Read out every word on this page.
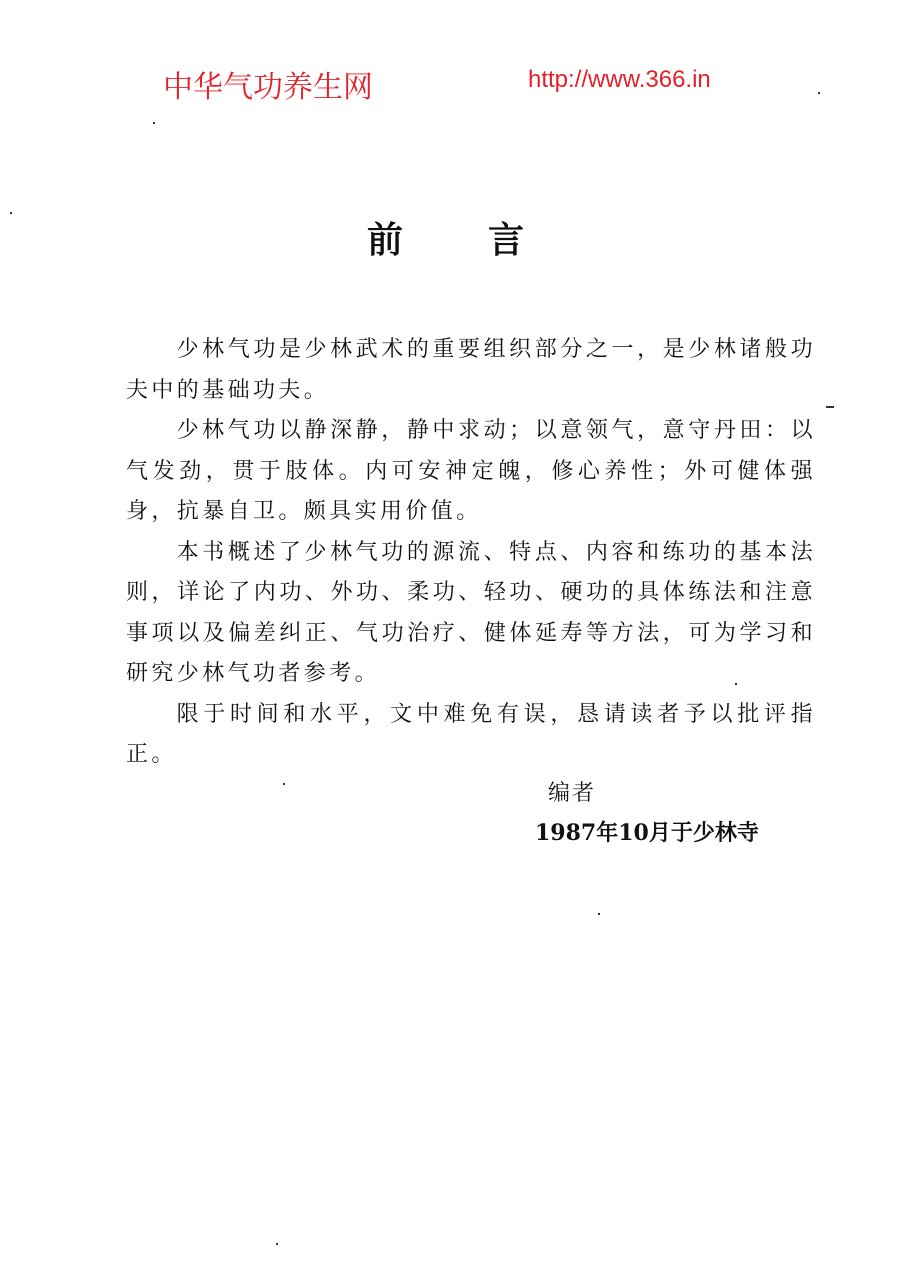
中华气功养生网	http://www.366.in
前 言

少林气功是少林武术的重要组织部分之一，是少林诸般功夫中的基础功夫。

少林气功以静深静，静中求动；以意领气，意守丹田：以气发劲，贯于肢体。内可安神定魄，修心养性；外可健体强身，抗暴自卫。颇具实用价值。

本书概述了少林气功的源流、特点、内容和练功的基本法则，详论了内功、外功、柔功、轻功、硬功的具体练法和注意事项以及偏差纠正、气功治疗、健体延寿等方法，可为学习和研究少林气功者参考。

限于时间和水平，文中难免有误，恳请读者予以批评指正。

编者
1987年10月于少林寺
